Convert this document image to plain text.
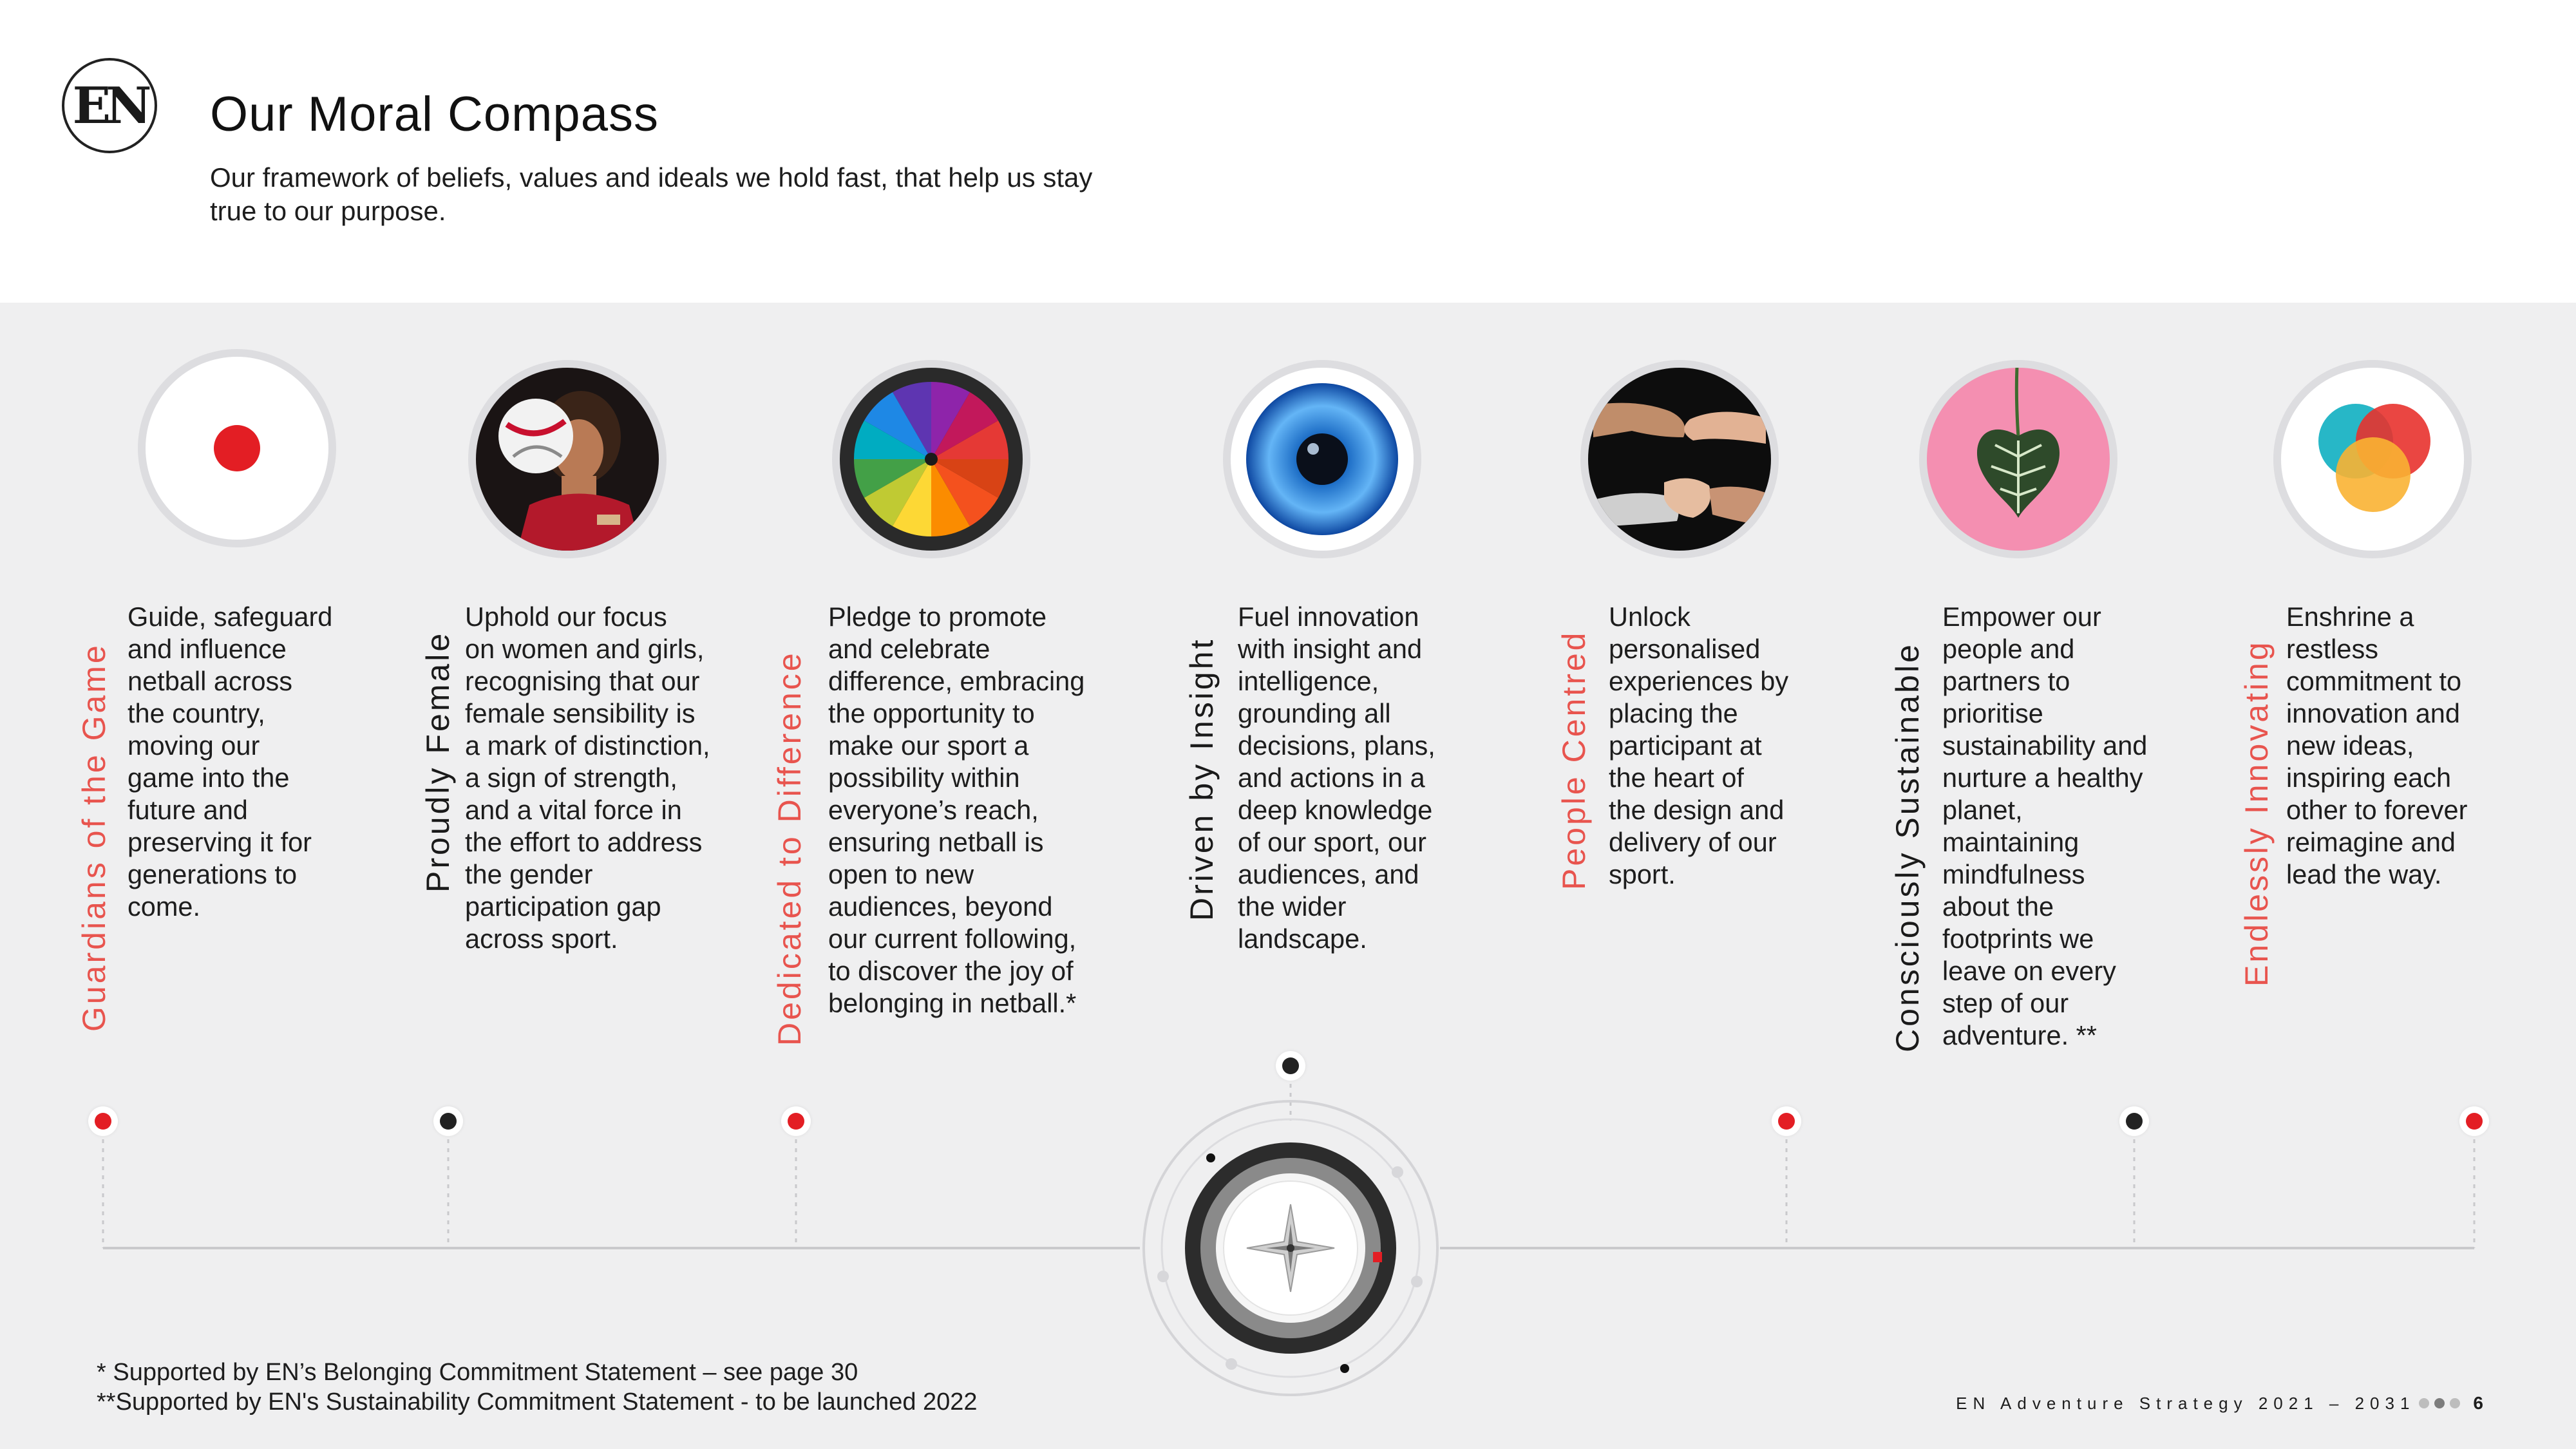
EN Our Moral Compass

Our framework of beliefs, values and ideals we hold fast, that help us stay true to our purpose.

Guardians of the Game	Proudly Female	Dedicated to Difference	Driven by Insight	People Centred	Consciously Sustainable	Endlessly Innovating
Guide, safeguard
and influence
netball across
the country,
moving our
game into the
future and
preserving it for
generations to
come.
Uphold our focus
on women and girls,
recognising that our
female sensibility is
a mark of distinction,
a sign of strength,
and a vital force in
the effort to address
the gender
participation gap
across sport.
Pledge to promote
and celebrate
difference, embracing
the opportunity to
make our sport a
possibility within
everyone’s reach,
ensuring netball is
open to new
audiences, beyond
our current following,
to discover the joy of
belonging in netball.*
Fuel innovation
with insight and
intelligence,
grounding all
decisions, plans,
and actions in a
deep knowledge
of our sport, our
audiences, and
the wider
landscape.
Unlock
personalised
experiences by
placing the
participant at
the heart of
the design and
delivery of our
sport.
Empower our
people and
partners to
prioritise
sustainability and
nurture a healthy
planet,
maintaining
mindfulness
about the
footprints we
leave on every
step of our
adventure. **
Enshrine a
restless
commitment to
innovation and
new ideas,
inspiring each
other to forever
reimagine and
lead the way.
* Supported by EN’s Belonging Commitment Statement – see page 30
**Supported by EN's Sustainability Commitment Statement - to be launched 2022	EN Adventure Strategy 2021 – 2031	6
